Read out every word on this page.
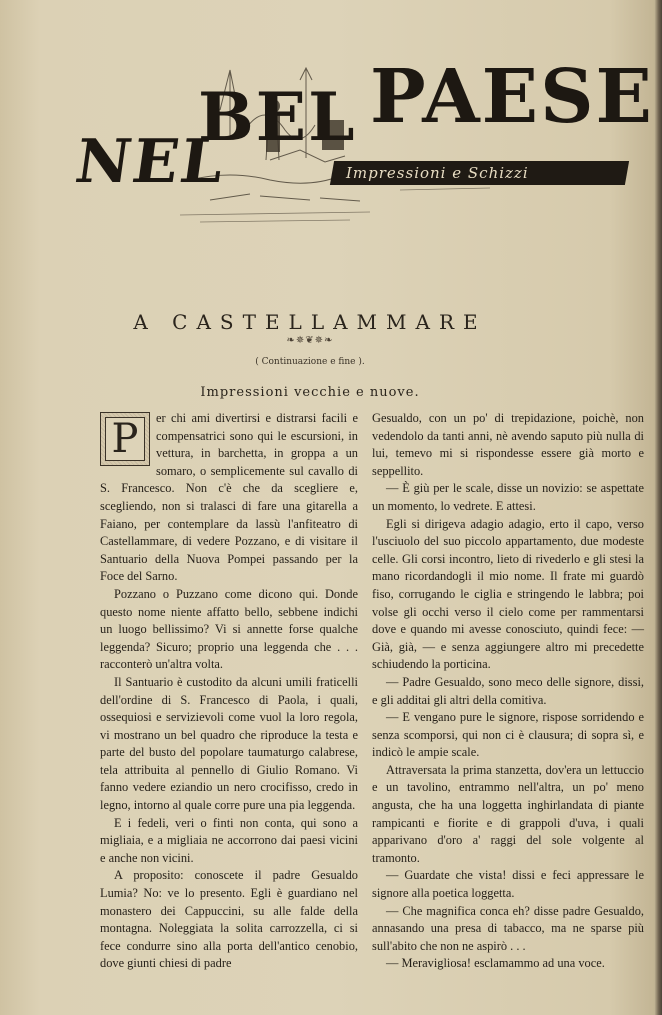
NEL
BEL PAESE
Impressioni e Schizzi
A CASTELLAMMARE
❧✵❦✵❧
( Continuazione e fine ).
Impressioni vecchie e nuove.
P	er chi ami divertirsi e distrarsi facili e compensatrici sono qui le escursioni, in vettura, in barchetta, in groppa a un somaro, o semplicemente sul cavallo di S. Francesco. Non c'è che da scegliere e, scegliendo, non si tralasci di fare una gitarella a Faiano, per contemplare da lassù l'anfiteatro di Castellammare, di vedere Pozzano, e di visitare il Santuario della Nuova Pompei passando per la Foce del Sarno.

Pozzano o Puzzano come dicono qui. Donde questo nome niente affatto bello, sebbene indichi un luogo bellissimo? Vi si annette forse qualche leggenda? Sicuro; proprio una leggenda che . . . racconterò un'altra volta.

Il Santuario è custodito da alcuni umili fraticelli dell'ordine di S. Francesco di Paola, i quali, ossequiosi e servizievoli come vuol la loro regola, vi mostrano un bel quadro che riproduce la testa e parte del busto del popolare taumaturgo calabrese, tela attribuita al pennello di Giulio Romano. Vi fanno vedere eziandio un nero crocifisso, credo in legno, intorno al quale corre pure una pia leggenda.

E i fedeli, veri o finti non conta, qui sono a migliaia, e a migliaia ne accorrono dai paesi vicini e anche non vicini.

A proposito: conoscete il padre Gesualdo Lumia? No: ve lo presento. Egli è guardiano nel monastero dei Cappuccini, su alle falde della montagna. Noleggiata la solita carrozzella, ci si fece condurre sino alla porta dell'antico cenobio, dove giunti chiesi di padre

Gesualdo, con un po' di trepidazione, poichè, non vedendolo da tanti anni, nè avendo saputo più nulla di lui, temevo mi si rispondesse essere già morto e seppellito.

— È giù per le scale, disse un novizio: se aspettate un momento, lo vedrete. E attesi.

Egli si dirigeva adagio adagio, erto il capo, verso l'usciuolo del suo piccolo appartamento, due modeste celle. Gli corsi incontro, lieto di rivederlo e gli stesi la mano ricordandogli il mio nome. Il frate mi guardò fiso, corrugando le ciglia e stringendo le labbra; poi volse gli occhi verso il cielo come per rammentarsi dove e quando mi avesse conosciuto, quindi fece: — Già, già, — e senza aggiungere altro mi precedette schiudendo la porticina.

— Padre Gesualdo, sono meco delle signore, dissi, e gli additai gli altri della comitiva.

— E vengano pure le signore, rispose sorridendo e senza scomporsi, qui non ci è clausura; di sopra sì, e indicò le ampie scale.

Attraversata la prima stanzetta, dov'era un lettuccio e un tavolino, entrammo nell'altra, un po' meno angusta, che ha una loggetta inghirlandata di piante rampicanti e fiorite e di grappoli d'uva, i quali apparivano d'oro a' raggi del sole volgente al tramonto.

— Guardate che vista! dissi e feci appressare le signore alla poetica loggetta.

— Che magnifica conca eh? disse padre Gesualdo, annasando una presa di tabacco, ma ne sparse più sull'abito che non ne aspirò . . .

— Meravigliosa! esclamammo ad una voce.
